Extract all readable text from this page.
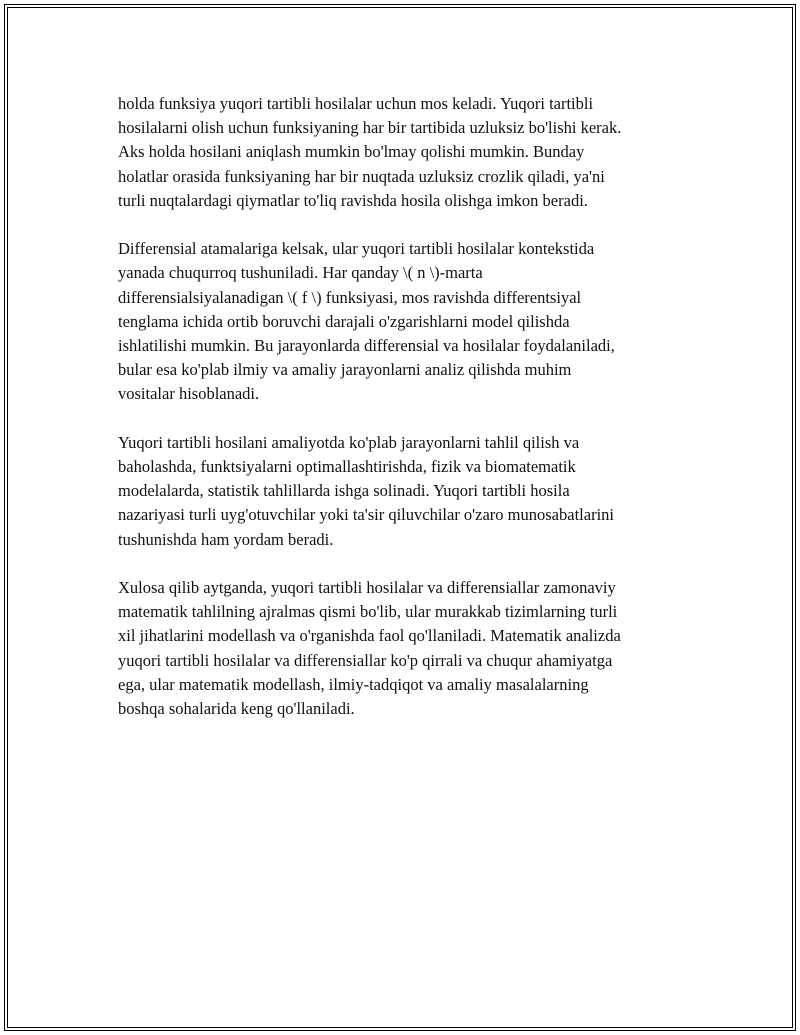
holda funksiya yuqori tartibli hosilalar uchun mos keladi. Yuqori tartibli
hosilalarni olish uchun funksiyaning har bir tartibida uzluksiz bo'lishi kerak.
Aks holda hosilani aniqlash mumkin bo'lmay qolishi mumkin. Bunday
holatlar orasida funksiyaning har bir nuqtada uzluksiz crozlik qiladi, ya'ni
turli nuqtalardagi qiymatlar to'liq ravishda hosila olishga imkon beradi.

Differensial atamalariga kelsak, ular yuqori tartibli hosilalar kontekstida
yanada chuqurroq tushuniladi. Har qanday \( n \)-marta
differensialsiyalanadigan \( f \) funksiyasi, mos ravishda differentsiyal
tenglama ichida ortib boruvchi darajali o'zgarishlarni model qilishda
ishlatilishi mumkin. Bu jarayonlarda differensial va hosilalar foydalaniladi,
bular esa ko'plab ilmiy va amaliy jarayonlarni analiz qilishda muhim
vositalar hisoblanadi.

Yuqori tartibli hosilani amaliyotda ko'plab jarayonlarni tahlil qilish va
baholashda, funktsiyalarni optimallashtirishda, fizik va biomatematik
modelalarda, statistik tahlillarda ishga solinadi. Yuqori tartibli hosila
nazariyasi turli uyg'otuvchilar yoki ta'sir qiluvchilar o'zaro munosabatlarini
tushunishda ham yordam beradi.

Xulosa qilib aytganda, yuqori tartibli hosilalar va differensiallar zamonaviy
matematik tahlilning ajralmas qismi bo'lib, ular murakkab tizimlarning turli
xil jihatlarini modellash va o'rganishda faol qo'llaniladi. Matematik analizda
yuqori tartibli hosilalar va differensiallar ko'p qirrali va chuqur ahamiyatga
ega, ular matematik modellash, ilmiy-tadqiqot va amaliy masalalarning
boshqa sohalarida keng qo'llaniladi.
